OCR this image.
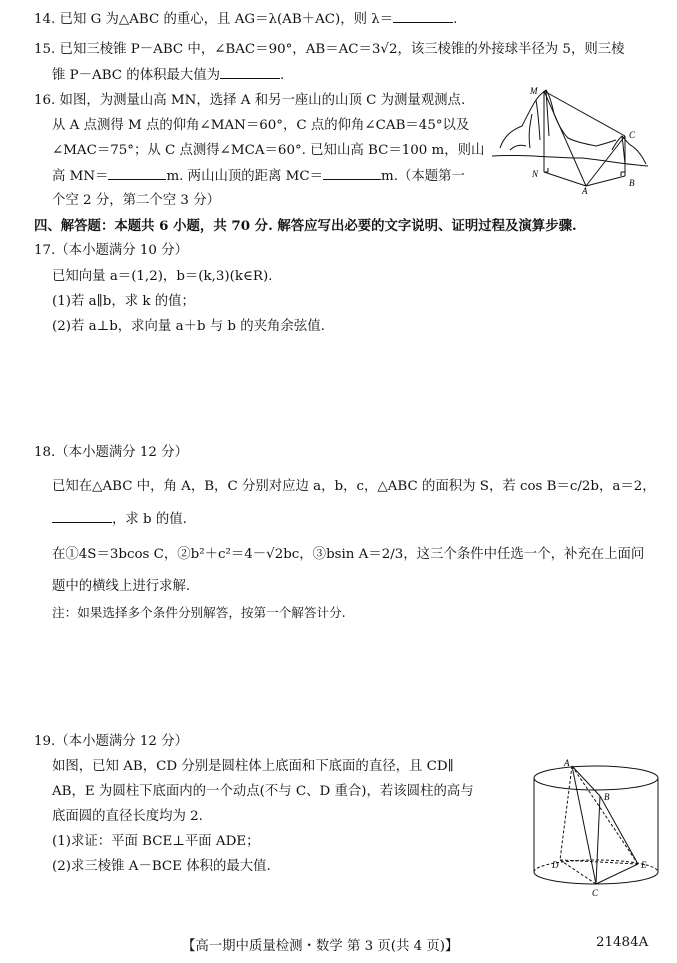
14. 已知 G 为△ABC 的重心，且 AG＝λ(AB＋AC)，则 λ＝	.
15. 已知三棱锥 P－ABC 中，∠BAC＝90°，AB＝AC＝3√2，该三棱锥的外接球半径为 5，则三棱
锥 P－ABC 的体积最大值为	.
16. 如图，为测量山高 MN，选择 A 和另一座山的山顶 C 为测量观测点.
从 A 点测得 M 点的仰角∠MAN＝60°，C 点的仰角∠CAB＝45°以及
∠MAC＝75°；从 C 点测得∠MCA＝60°. 已知山高 BC＝100 m，则山
高 MN＝	m. 两山山顶的距离 MC＝	m.（本题第一
个空 2 分，第二个空 3 分）
M
N
A
B
C
四、解答题：本题共 6 小题，共 70 分. 解答应写出必要的文字说明、证明过程及演算步骤.
17.（本小题满分 10 分）
已知向量 a＝(1,2)，b＝(k,3)(k∈R).
(1)若 a∥b，求 k 的值；
(2)若 a⊥b，求向量 a＋b 与 b 的夹角余弦值.
18.（本小题满分 12 分）
已知在△ABC 中，角 A，B，C 分别对应边 a，b，c，△ABC 的面积为 S，若 cos B＝c/2b，a＝2，
，求 b 的值.
在①4S＝3bcos C，②b²＋c²＝4－√2bc，③bsin A＝2/3，这三个条件中任选一个，补充在上面问
题中的横线上进行求解.
注：如果选择多个条件分别解答，按第一个解答计分.
19.（本小题满分 12 分）
如图，已知 AB，CD 分别是圆柱体上底面和下底面的直径，且 CD∥
AB，E 为圆柱下底面内的一个动点(不与 C、D 重合)，若该圆柱的高与
底面圆的直径长度均为 2.
(1)求证：平面 BCE⊥平面 ADE；
(2)求三棱锥 A－BCE 体积的最大值.
A
B
C
D	E
【高一期中质量检测・数学 第 3 页(共 4 页)】	21484A
